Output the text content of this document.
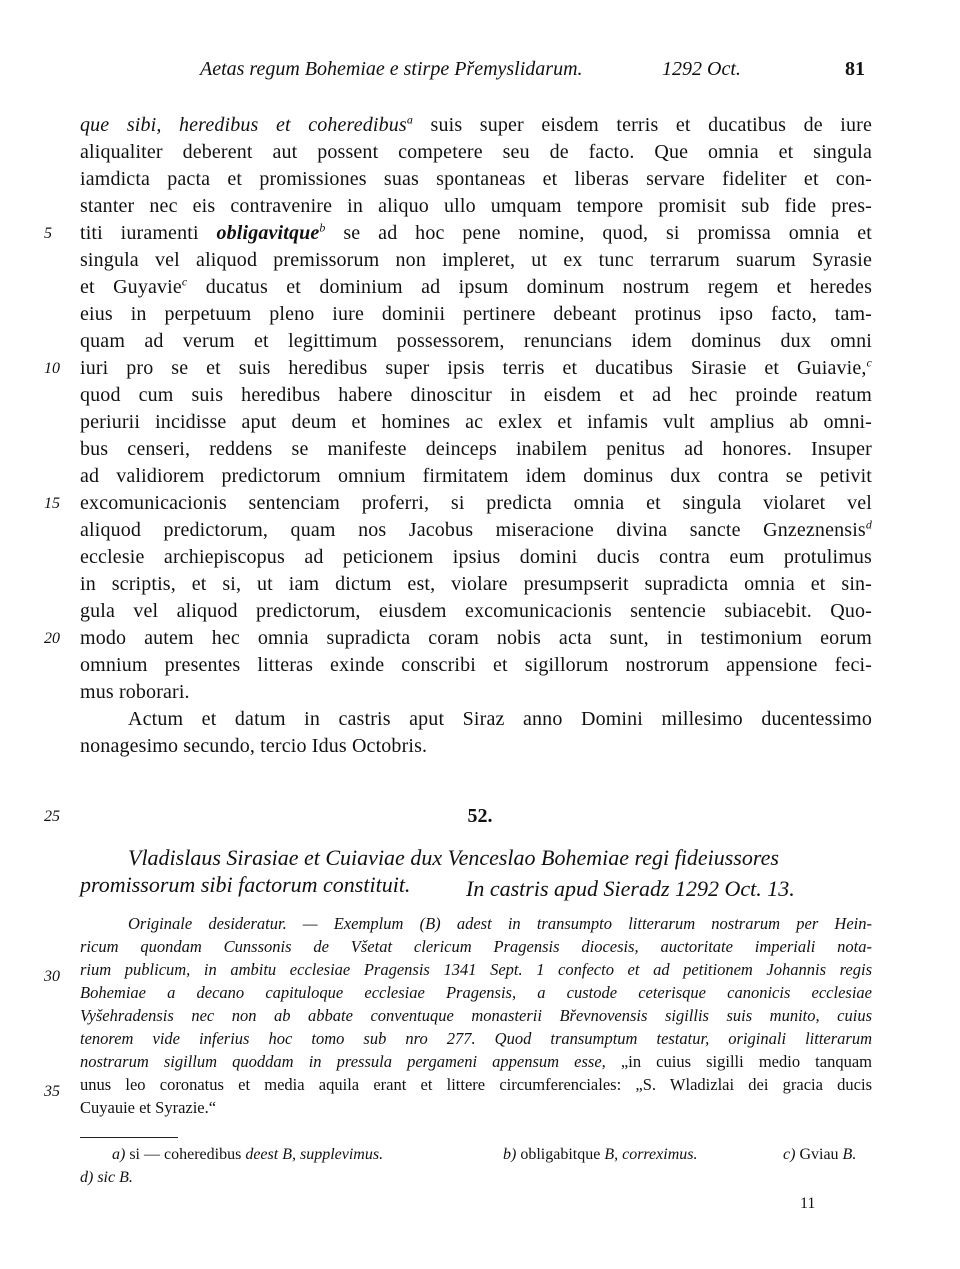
Aetas regum Bohemiae e stirpe Přemyslidarum.	1292 Oct.	81
que sibi, heredibus et coheredibus$^a$ suis super eisdem terris et ducatibus de iure
aliqualiter deberent aut possent competere seu de facto. Que omnia et singula
iamdicta pacta et promissiones suas spontaneas et liberas servare fideliter et con-
stanter nec eis contravenire in aliquo ullo umquam tempore promisit sub fide pres-
titi iuramenti obligavitque$^b$ se ad hoc pene nomine, quod, si promissa omnia et
singula vel aliquod premissorum non impleret, ut ex tunc terrarum suarum Syrasie
et Guyavie$^c$ ducatus et dominium ad ipsum dominum nostrum regem et heredes
eius in perpetuum pleno iure dominii pertinere debeant protinus ipso facto, tam-
quam ad verum et legittimum possessorem, renuncians idem dominus dux omni
iuri pro se et suis heredibus super ipsis terris et ducatibus Sirasie et Guiavie,$^c$
quod cum suis heredibus habere dinoscitur in eisdem et ad hec proinde reatum
periurii incidisse aput deum et homines ac exlex et infamis vult amplius ab omni-
bus censeri, reddens se manifeste deinceps inabilem penitus ad honores. Insuper
ad validiorem predictorum omnium firmitatem idem dominus dux contra se petivit
excomunicacionis sentenciam proferri, si predicta omnia et singula violaret vel
aliquod predictorum, quam nos Jacobus miseracione divina sancte Gnzeznensis$^d$
ecclesie archiepiscopus ad peticionem ipsius domini ducis contra eum protulimus
in scriptis, et si, ut iam dictum est, violare presumpserit supradicta omnia et sin-
gula vel aliquod predictorum, eiusdem excomunicacionis sentencie subiacebit. Quo-
modo autem hec omnia supradicta coram nobis acta sunt, in testimonium eorum
omnium presentes litteras exinde conscribi et sigillorum nostrorum appensione feci-
mus roborari.
Actum et datum in castris aput Siraz anno Domini millesimo ducentessimo
nonagesimo secundo, tercio Idus Octobris.
5
10
15
20
25
30
35
52.
Vladislaus Sirasiae et Cuiaviae dux Venceslao Bohemiae regi fideiussores
promissorum sibi factorum constituit.	In castris apud Sieradz 1292 Oct. 13.
Originale desideratur. — Exemplum (B) adest in transumpto litterarum nostrarum per Hein-
ricum quondam Cunssonis de Všetat clericum Pragensis diocesis, auctoritate imperiali nota-
rium publicum, in ambitu ecclesiae Pragensis 1341 Sept. 1 confecto et ad petitionem Johannis regis
Bohemiae a decano capituloque ecclesiae Pragensis, a custode ceterisque canonicis ecclesiae
Vyšehradensis nec non ab abbate conventuque monasterii Břevnovensis sigillis suis munito, cuius
tenorem vide inferius hoc tomo sub nro 277. Quod transumptum testatur, originali litterarum
nostrarum sigillum quoddam in pressula pergameni appensum esse, „in cuius sigilli medio tanquam
unus leo coronatus et media aquila erant et littere circumferenciales: „S. Wladizlai dei gracia ducis
Cuyauie et Syrazie.“
a) si — coheredibus deest B, supplevimus.	b) obligabitque B, correximus.	c) Gviau B.
d) sic B.
11
